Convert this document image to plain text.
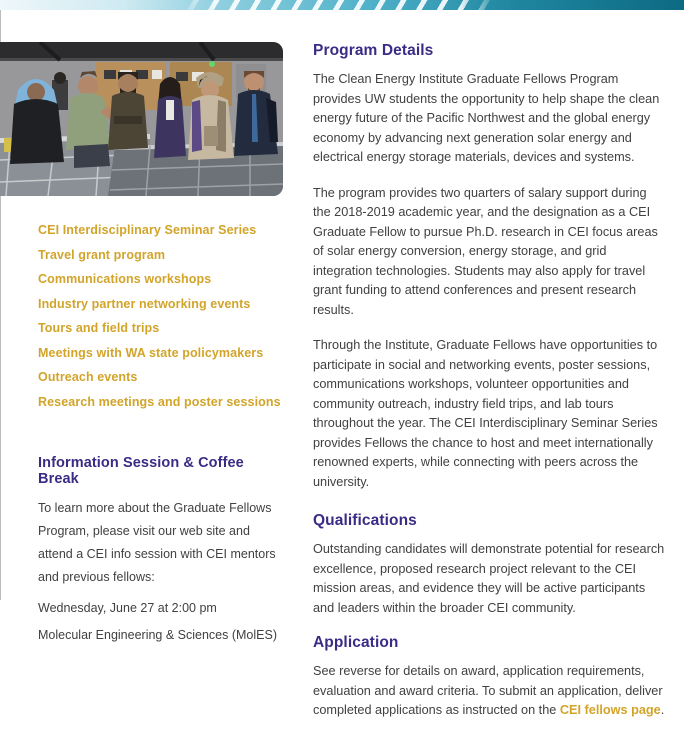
CEI Interdisciplinary Seminar Series
Travel grant program
Communications workshops
Industry partner networking events
Tours and field trips
Meetings with WA state policymakers
Outreach events
Research meetings and poster sessions
Information Session & Coffee Break

To learn more about the Graduate Fellows Program, please visit our web site and attend a CEI info session with CEI mentors and previous fellows:

Wednesday, June 27 at 2:00 pm

Molecular Engineering & Sciences (MolES)

Program Details

The Clean Energy Institute Graduate Fellows Program provides UW students the opportunity to help shape the clean energy future of the Pacific Northwest and the global energy economy by advancing next generation solar energy and electrical energy storage materials, devices and systems.

The program provides two quarters of salary support during the 2018-2019 academic year, and the designation as a CEI Graduate Fellow to pursue Ph.D. research in CEI focus areas of solar energy conversion, energy storage, and grid integration technologies. Students may also apply for travel grant funding to attend conferences and present research results.

Through the Institute, Graduate Fellows have opportunities to participate in social and networking events, poster sessions, communications workshops, volunteer opportunities and community outreach, industry field trips, and lab tours throughout the year. The CEI Interdisciplinary Seminar Series provides Fellows the chance to host and meet internationally renowned experts, while connecting with peers across the university.

Qualifications

Outstanding candidates will demonstrate potential for research excellence, proposed research project relevant to the CEI mission areas, and evidence they will be active participants and leaders within the broader CEI community.

Application

See reverse for details on award, application requirements, evaluation and award criteria. To submit an application, deliver completed applications as instructed on the CEI fellows page.
